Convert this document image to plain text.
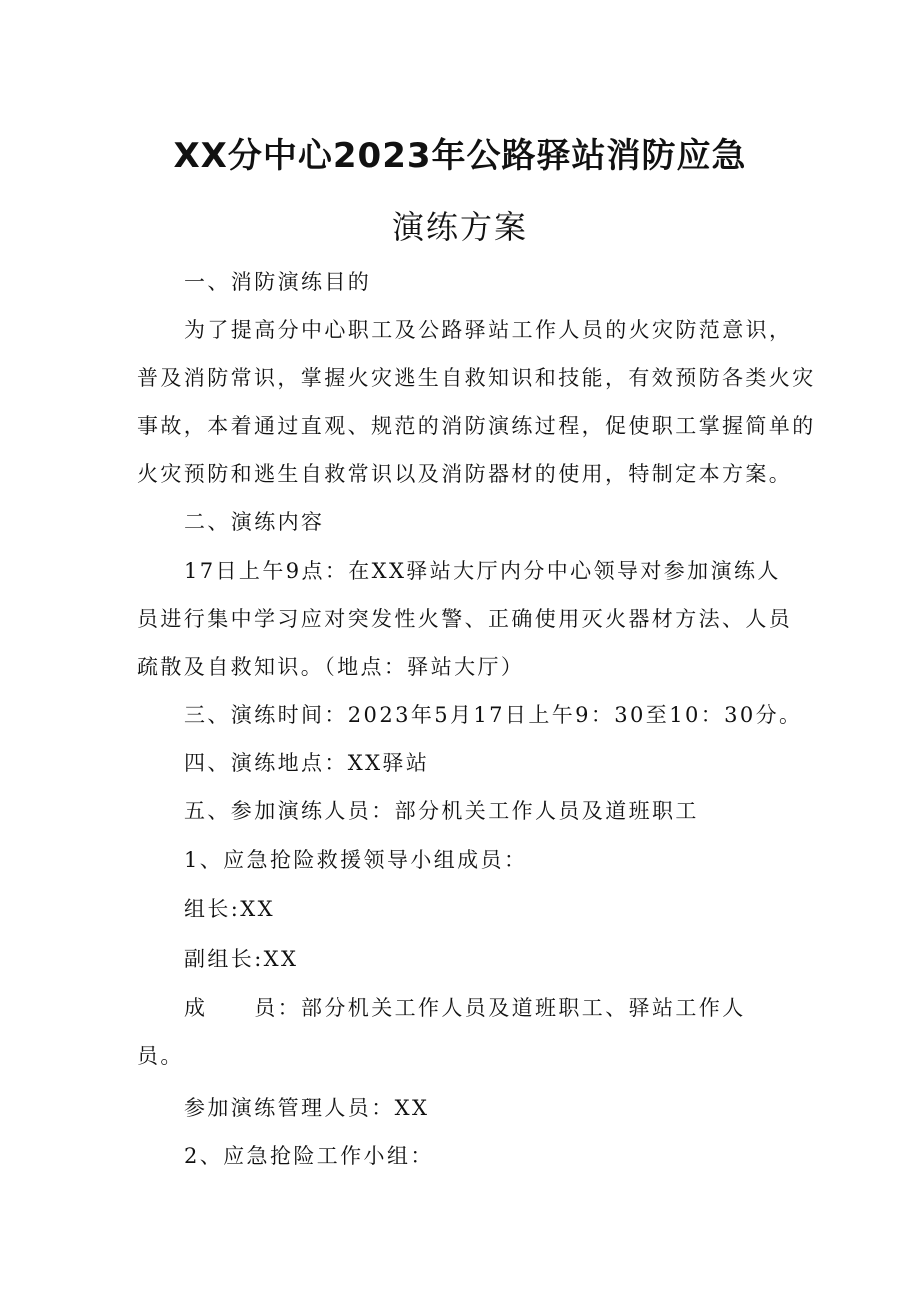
XX分中心2023年公路驿站消防应急
演练方案
一、消防演练目的
为了提高分中心职工及公路驿站工作人员的火灾防范意识，
普及消防常识，掌握火灾逃生自救知识和技能，有效预防各类火灾
事故，本着通过直观、规范的消防演练过程，促使职工掌握简单的
火灾预防和逃生自救常识以及消防器材的使用，特制定本方案。
二、演练内容
17日上午9点：在XX驿站大厅内分中心领导对参加演练人
员进行集中学习应对突发性火警、正确使用灭火器材方法、人员
疏散及自救知识。（地点：驿站大厅）
三、演练时间：2023年5月17日上午9：30至10：30分。
四、演练地点：XX驿站
五、参加演练人员：部分机关工作人员及道班职工
1、应急抢险救援领导小组成员：
组长:XX
副组长:XX
成　　员：部分机关工作人员及道班职工、驿站工作人
员。
参加演练管理人员：XX
2、应急抢险工作小组：
